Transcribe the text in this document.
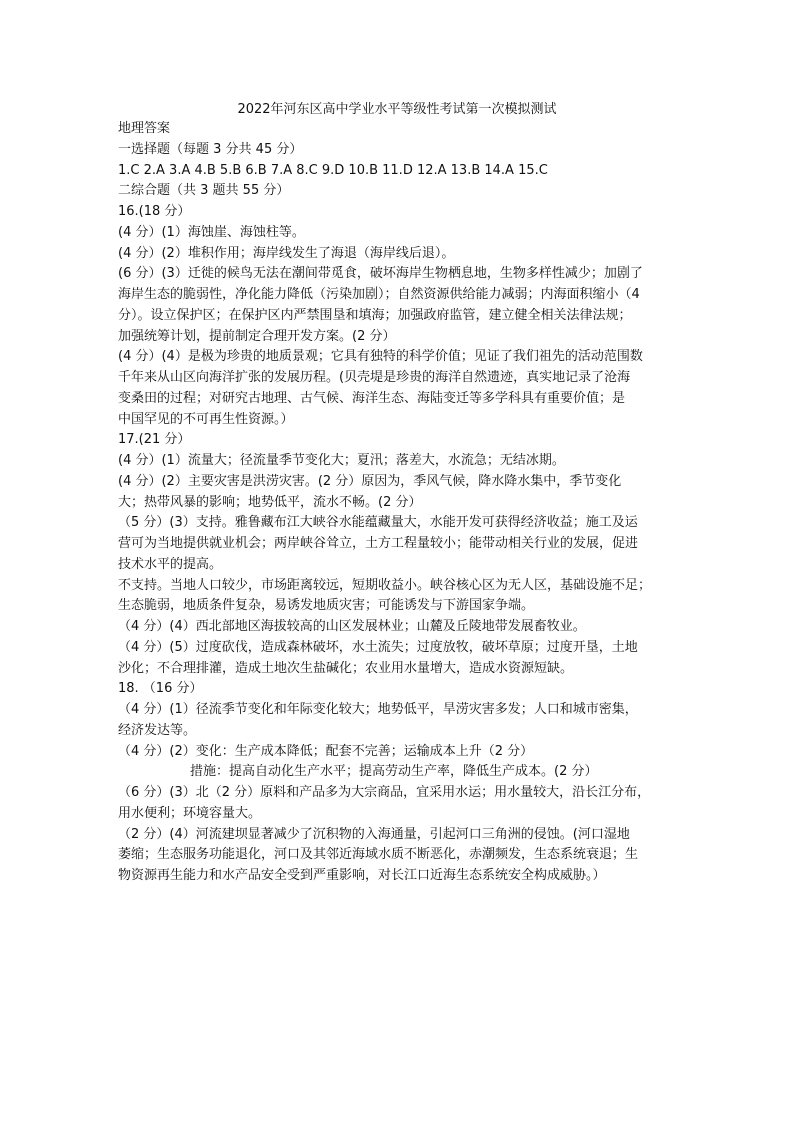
2022年河东区高中学业水平等级性考试第一次模拟测试
地理答案
一选择题（每题 3 分共 45 分）
1.C 2.A 3.A 4.B 5.B 6.B 7.A 8.C 9.D 10.B 11.D 12.A 13.B 14.A 15.C
二综合题（共 3 题共 55 分）
16.(18 分）
(4 分）(1）海蚀崖、海蚀柱等。
(4 分）(2）堆积作用；海岸线发生了海退（海岸线后退）。
(6 分）(3）迁徙的候鸟无法在潮间带觅食，破坏海岸生物栖息地，生物多样性减少；加剧了
海岸生态的脆弱性，净化能力降低（污染加剧）；自然资源供给能力减弱；内海面积缩小（4
分）。设立保护区；在保护区内严禁围垦和填海；加强政府监管，建立健全相关法律法规；
加强统筹计划，提前制定合理开发方案。(2 分）
(4 分）(4）是极为珍贵的地质景观；它具有独特的科学价值；见证了我们祖先的活动范围数
千年来从山区向海洋扩张的发展历程。(贝壳堤是珍贵的海洋自然遗迹，真实地记录了沧海
变桑田的过程；对研究古地理、古气候、海洋生态、海陆变迁等多学科具有重要价值；是
中国罕见的不可再生性资源。）
17.(21 分）
(4 分）(1）流量大；径流量季节变化大；夏汛；落差大，水流急；无结冰期。
(4 分）(2）主要灾害是洪涝灾害。(2 分）原因为，季风气候，降水降水集中，季节变化
大；热带风暴的影响；地势低平，流水不畅。(2 分）
（5 分）(3）支持。雅鲁藏布江大峡谷水能蕴藏量大，水能开发可获得经济收益；施工及运
营可为当地提供就业机会；两岸峡谷耸立，土方工程量较小；能带动相关行业的发展，促进
技术水平的提高。
不支持。当地人口较少，市场距离较远，短期收益小。峡谷核心区为无人区，基础设施不足；
生态脆弱，地质条件复杂，易诱发地质灾害；可能诱发与下游国家争端。
（4 分）(4）西北部地区海拔较高的山区发展林业；山麓及丘陵地带发展畜牧业。
（4 分）(5）过度砍伐，造成森林破坏，水土流失；过度放牧，破坏草原；过度开垦，土地
沙化；不合理排灌，造成土地次生盐碱化；农业用水量增大，造成水资源短缺。
18. （16 分）
（4 分）(1）径流季节变化和年际变化较大；地势低平，旱涝灾害多发；人口和城市密集，
经济发达等。
（4 分）(2）变化：生产成本降低；配套不完善；运输成本上升（2 分）
措施：提高自动化生产水平；提高劳动生产率，降低生产成本。(2 分）
（6 分）(3）北（2 分）原料和产品多为大宗商品，宜采用水运；用水量较大，沿长江分布，
用水便利；环境容量大。
（2 分）(4）河流建坝显著减少了沉积物的入海通量，引起河口三角洲的侵蚀。(河口湿地
萎缩；生态服务功能退化，河口及其邻近海域水质不断恶化，赤潮频发，生态系统衰退；生
物资源再生能力和水产品安全受到严重影响，对长江口近海生态系统安全构成威胁。）
